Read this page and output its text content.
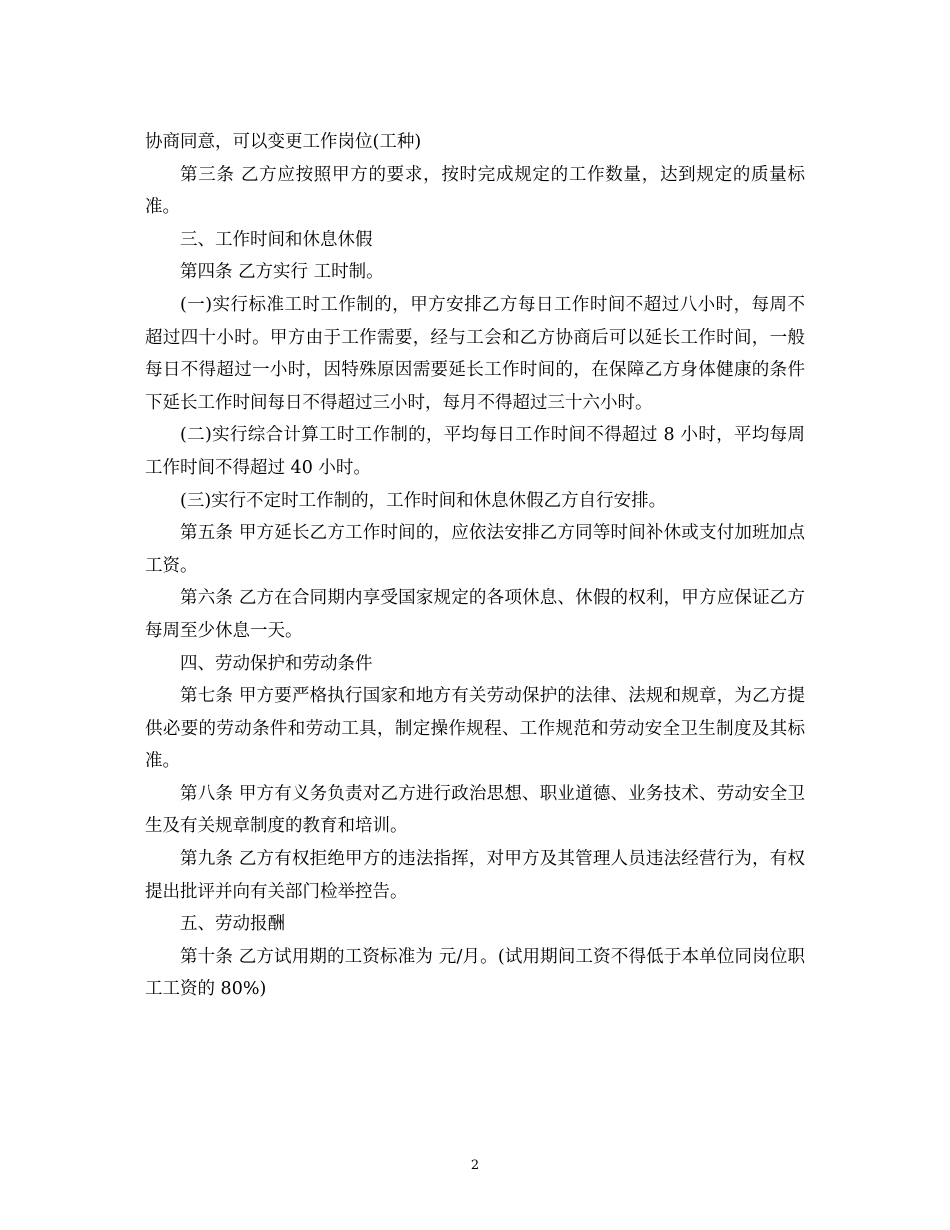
协商同意，可以变更工作岗位(工种)

第三条 乙方应按照甲方的要求，按时完成规定的工作数量，达到规定的质量标准。

三、工作时间和休息休假

第四条 乙方实行 工时制。

(一)实行标准工时工作制的，甲方安排乙方每日工作时间不超过八小时，每周不超过四十小时。甲方由于工作需要，经与工会和乙方协商后可以延长工作时间，一般每日不得超过一小时，因特殊原因需要延长工作时间的，在保障乙方身体健康的条件下延长工作时间每日不得超过三小时，每月不得超过三十六小时。

(二)实行综合计算工时工作制的，平均每日工作时间不得超过 8 小时，平均每周工作时间不得超过 40 小时。

(三)实行不定时工作制的，工作时间和休息休假乙方自行安排。

第五条 甲方延长乙方工作时间的，应依法安排乙方同等时间补休或支付加班加点工资。

第六条 乙方在合同期内享受国家规定的各项休息、休假的权利，甲方应保证乙方每周至少休息一天。

四、劳动保护和劳动条件

第七条 甲方要严格执行国家和地方有关劳动保护的法律、法规和规章，为乙方提供必要的劳动条件和劳动工具，制定操作规程、工作规范和劳动安全卫生制度及其标准。

第八条 甲方有义务负责对乙方进行政治思想、职业道德、业务技术、劳动安全卫生及有关规章制度的教育和培训。

第九条 乙方有权拒绝甲方的违法指挥，对甲方及其管理人员违法经营行为，有权提出批评并向有关部门检举控告。

五、劳动报酬

第十条 乙方试用期的工资标准为 元/月。(试用期间工资不得低于本单位同岗位职工工资的 80%)

2
